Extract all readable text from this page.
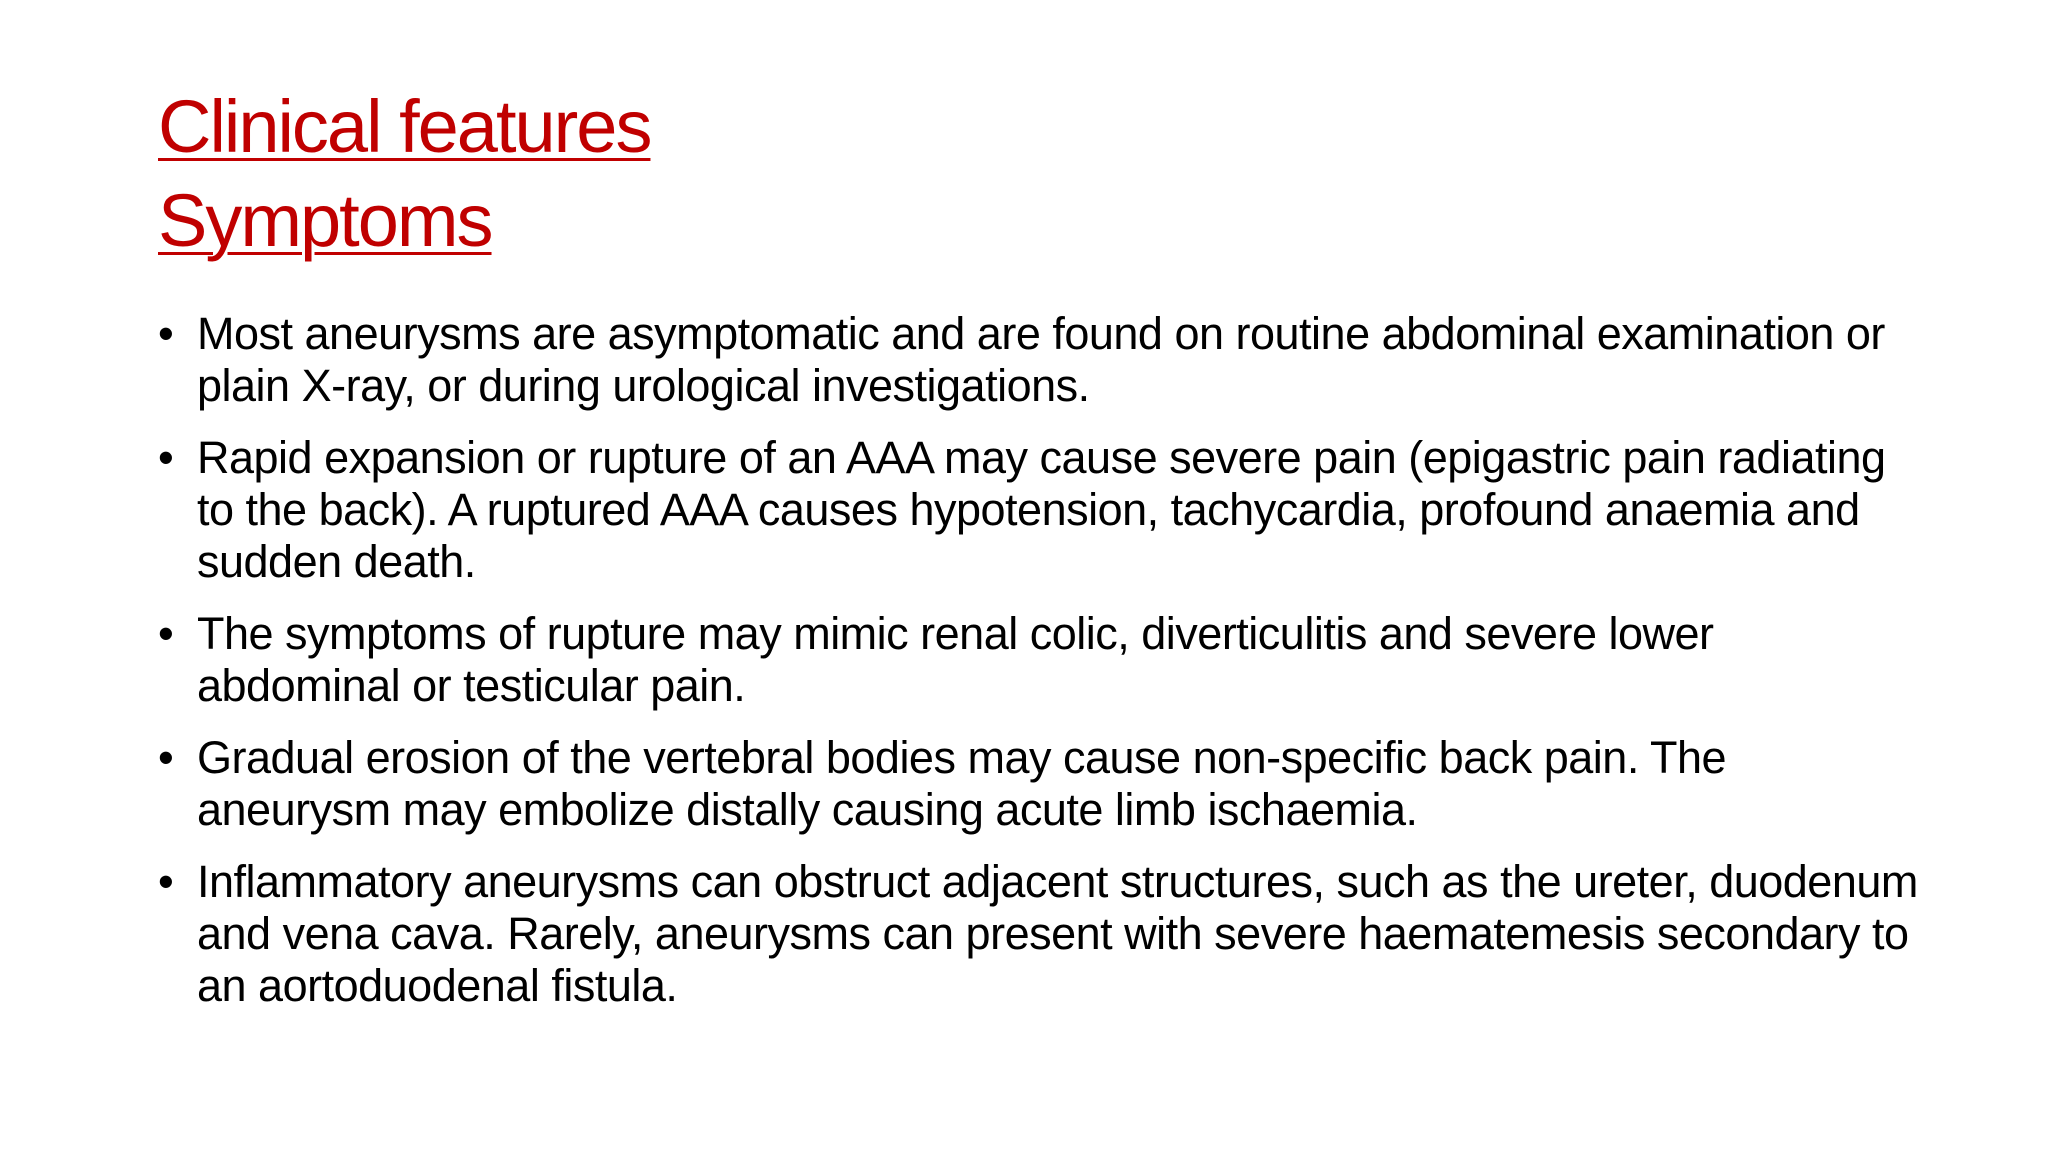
Clinical features
Symptoms
• Most aneurysms are asymptomatic and are found on routine abdominal examination or plain X-ray, or during urological investigations.
• Rapid expansion or rupture of an AAA may cause severe pain (epigastric pain radiating to the back). A ruptured AAA causes hypotension, tachycardia, profound anaemia and sudden death.
• The symptoms of rupture may mimic renal colic, diverticulitis and severe lower abdominal or testicular pain.
• Gradual erosion of the vertebral bodies may cause non-specific back pain. The aneurysm may embolize distally causing acute limb ischaemia.
• Inflammatory aneurysms can obstruct adjacent structures, such as the ureter, duodenum and vena cava. Rarely, aneurysms can present with severe haematemesis secondary to an aortoduodenal fistula.
